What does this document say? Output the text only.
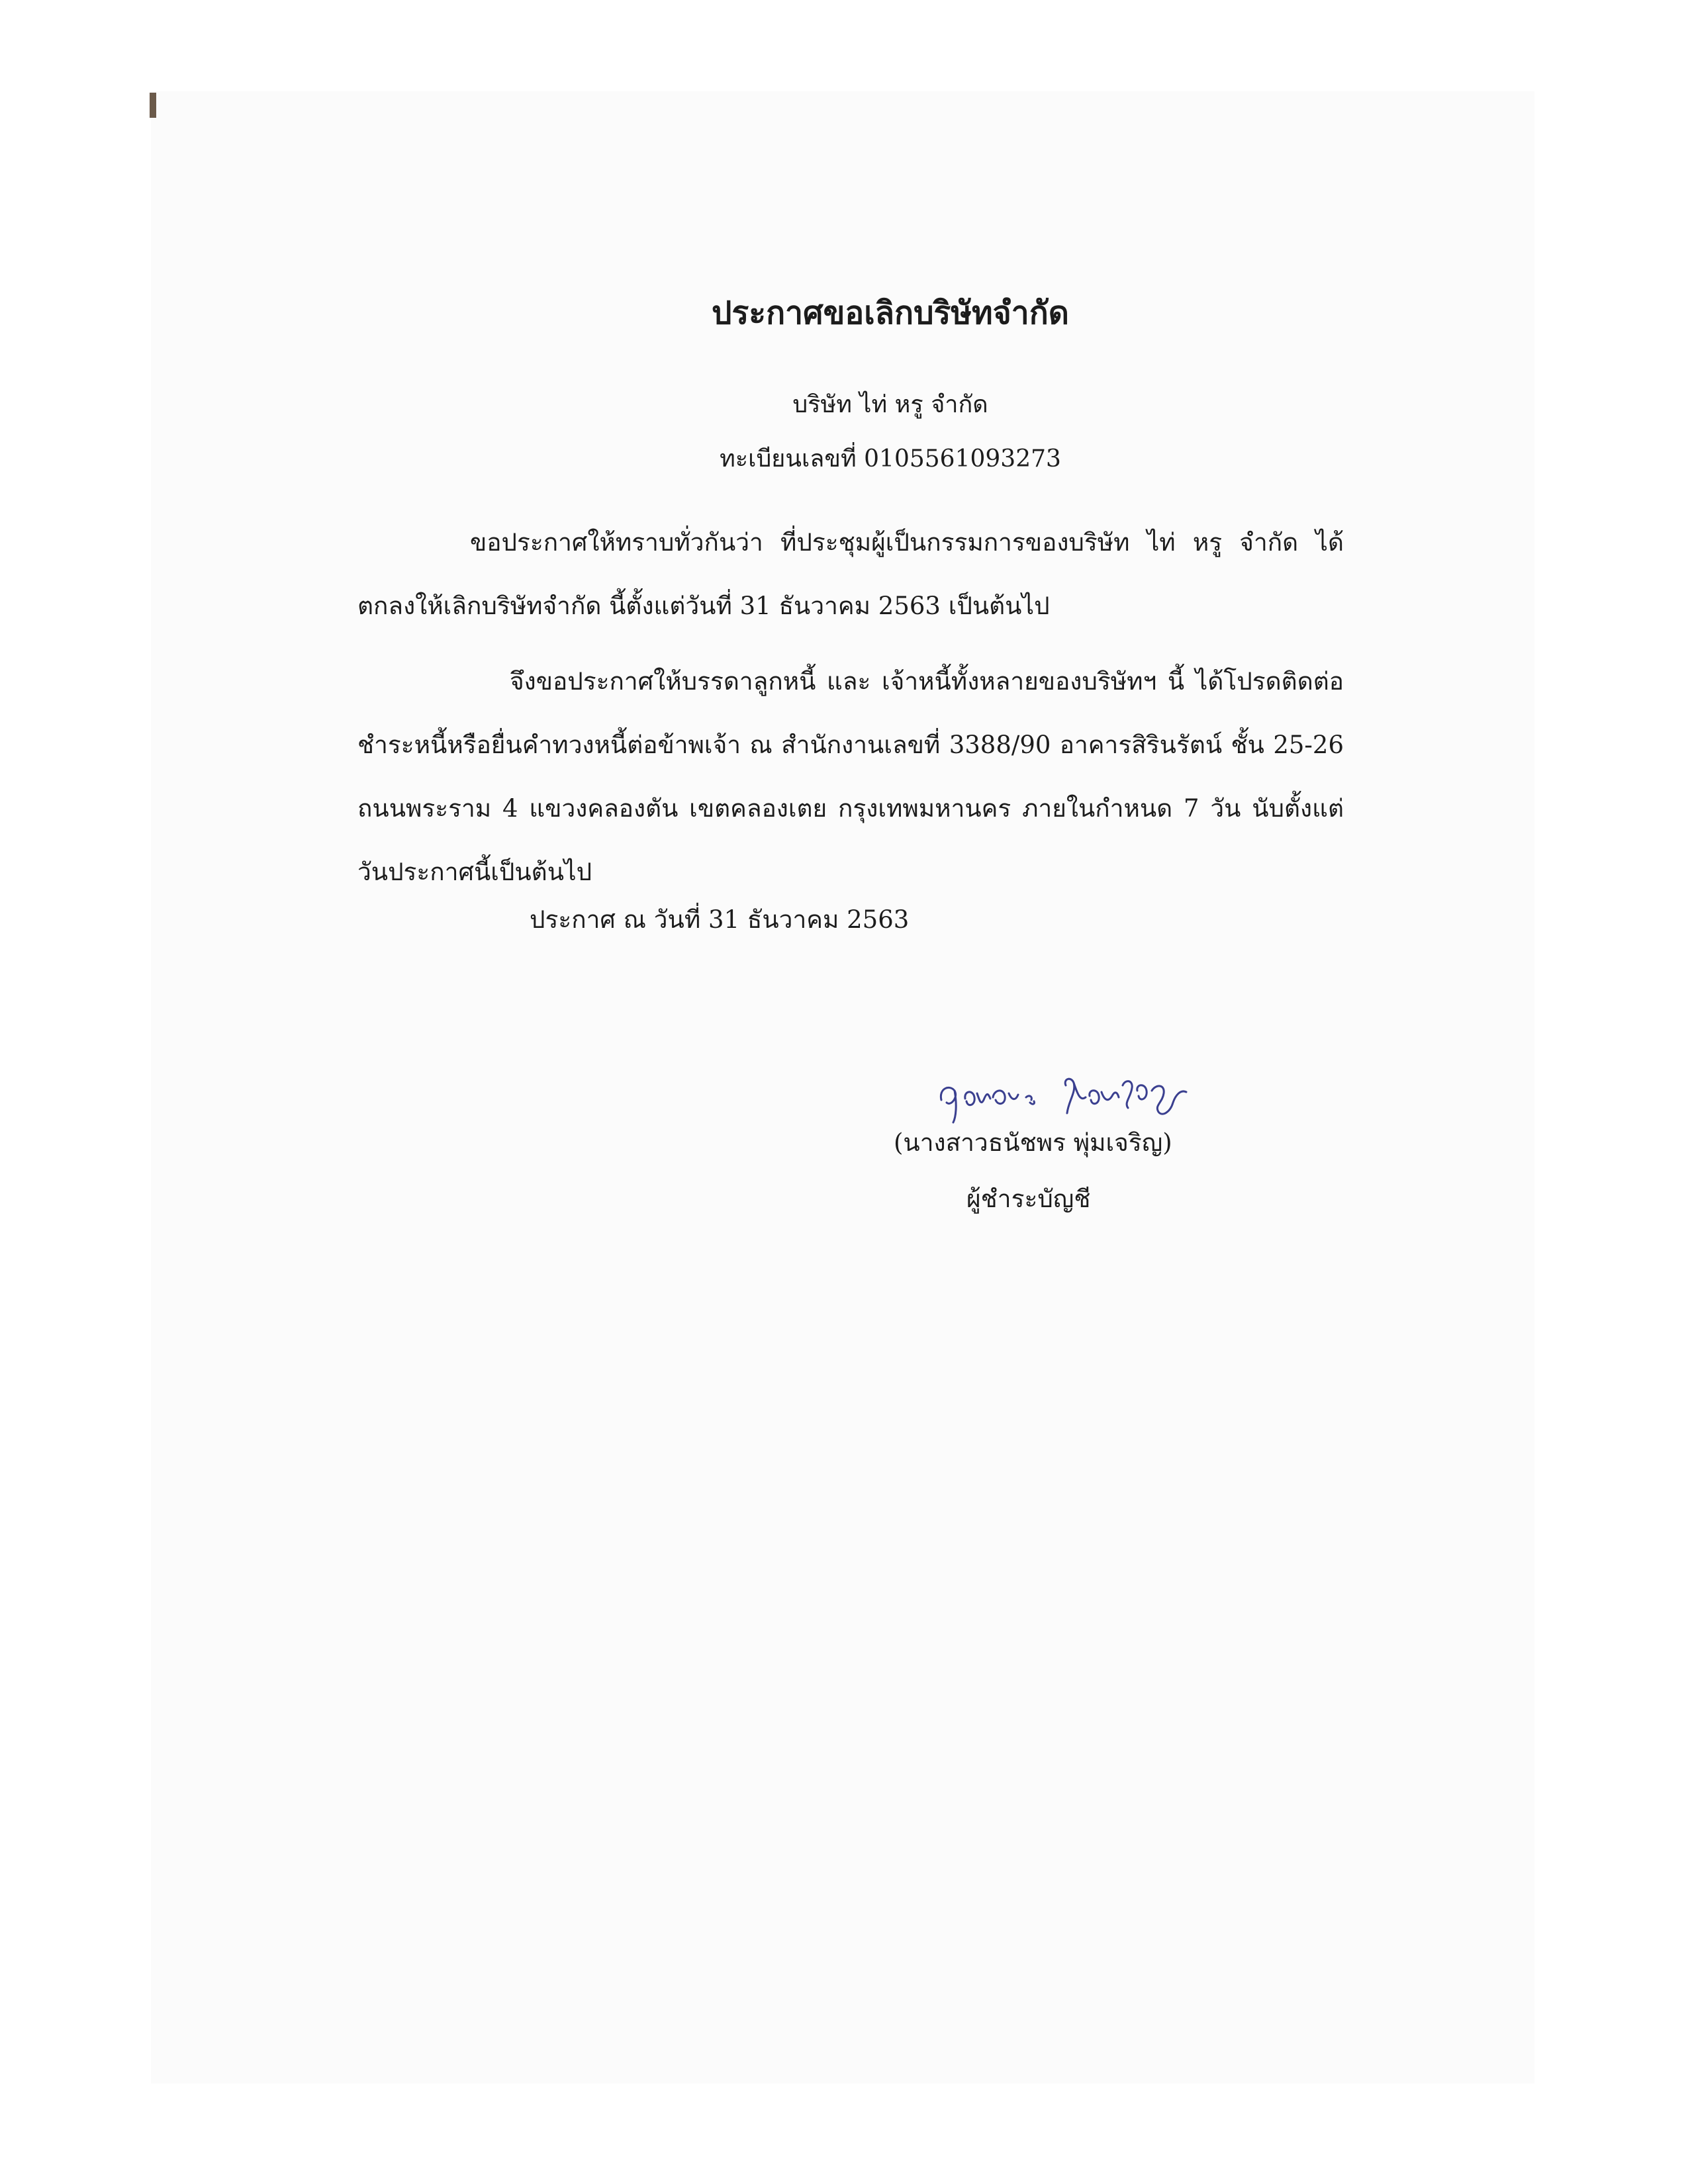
ประกาศขอเลิกบริษัทจำกัด
บริษัท ไท่ หรู จำกัด
ทะเบียนเลขที่ 0105561093273

ขอประกาศให้ทราบทั่วกันว่า ที่ประชุมผู้เป็นกรรมการของบริษัท ไท่ หรู จำกัด ได้ตกลงให้เลิกบริษัทจำกัด นี้ตั้งแต่วันที่ 31 ธันวาคม 2563 เป็นต้นไป

จึงขอประกาศให้บรรดาลูกหนี้ และ เจ้าหนี้ทั้งหลายของบริษัทฯ นี้ ได้โปรดติดต่อชำระหนี้หรือยื่นคำทวงหนี้ต่อข้าพเจ้า ณ สำนักงานเลขที่ 3388/90 อาคารสิรินรัตน์ ชั้น 25-26 ถนนพระราม 4 แขวงคลองตัน เขตคลองเตย กรุงเทพมหานคร ภายในกำหนด 7 วัน นับตั้งแต่วันประกาศนี้เป็นต้นไป

ประกาศ ณ วันที่ 31 ธันวาคม 2563
(นางสาวธนัชพร พุ่มเจริญ)
ผู้ชำระบัญชี
